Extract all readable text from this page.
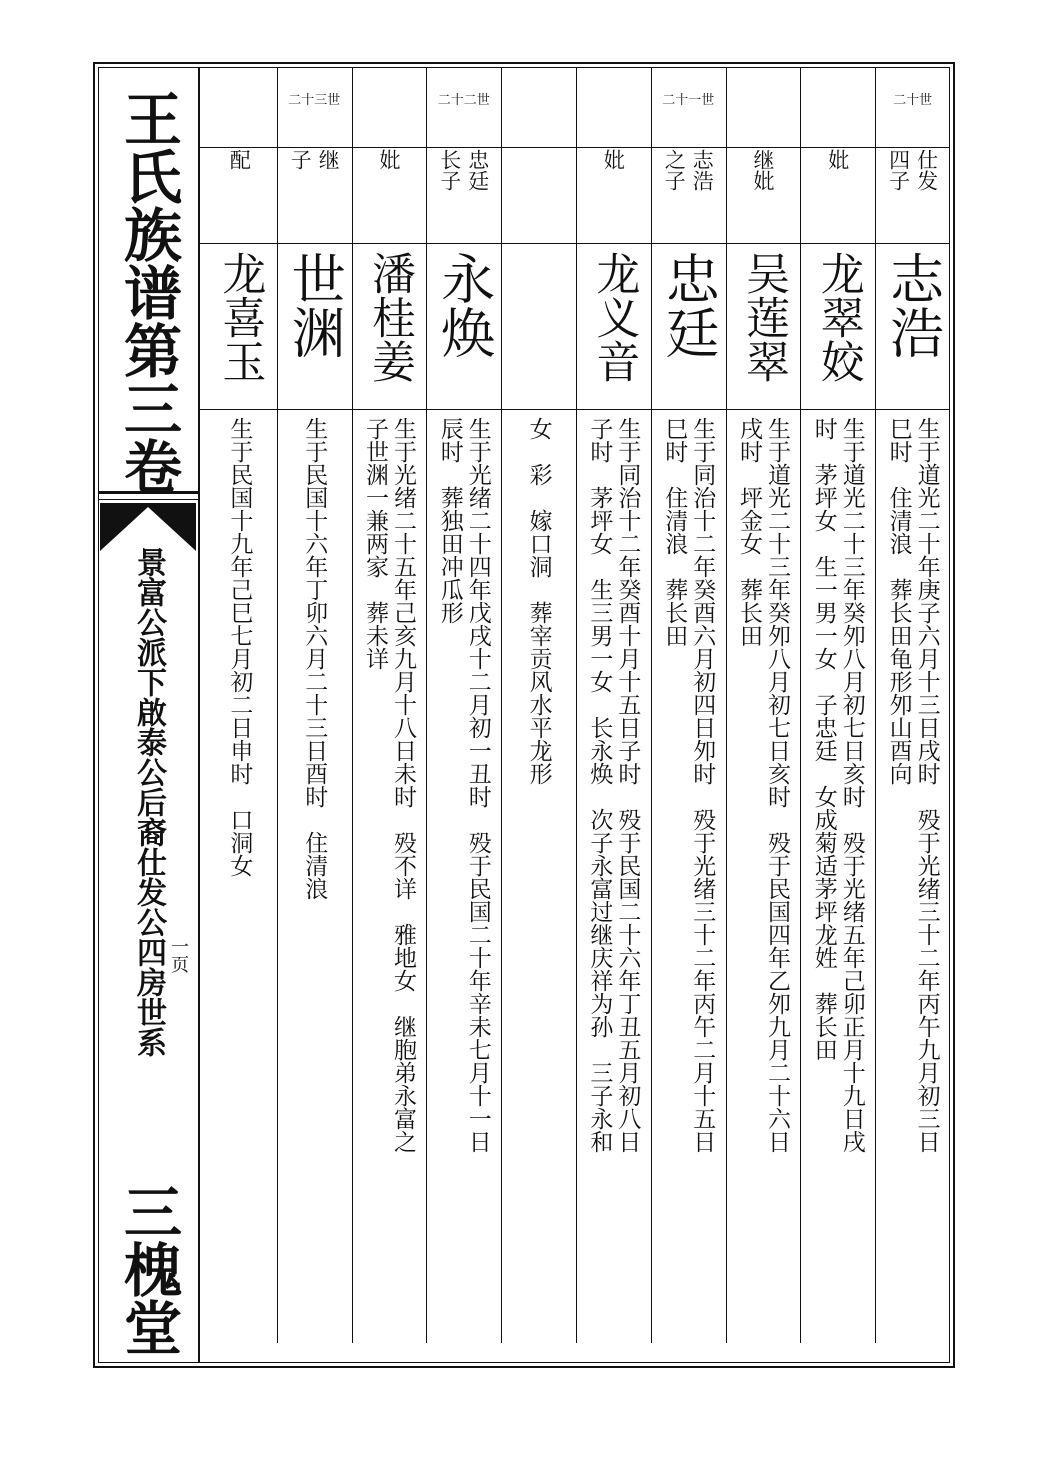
王氏族谱第三卷
景富公派下啟泰公后裔仕发公四房世系 一页
三槐堂
二十世
仕发
四子
志浩
生于道光二十年庚子六月十三日戌时　殁于光绪三十二年丙午九月初三日
巳时　住清浪　葬长田龟形夘山酉向
妣
龙翠姣
生于道光二十三年癸夘八月初七日亥时　殁于光绪五年己卯正月十九日戌
时　茅坪女　生一男一女　子忠廷　女成菊适茅坪龙姓　葬长田
继妣
吴莲翠
生于道光二十三年癸夘八月初七日亥时　殁于民国四年乙夘九月二十六日
戌时　坪金女　葬长田
二十一世
志浩
之子
忠廷
生于同治十二年癸酉六月初四日夘时　殁于光绪三十二年丙午二月十五日
巳时　住清浪　葬长田
妣
龙义音
生于同治十二年癸酉十月十五日子时　殁于民国二十六年丁丑五月初八日
子时　茅坪女　生三男一女　长永焕　次子永富过继庆祥为孙　三子永和
女　彩　嫁口洞　葬宰贡风水平龙形
二十二世
忠廷
长子
永焕
生于光绪二十四年戊戌十二月初一丑时　殁于民国二十年辛未七月十一日
辰时　葬独田冲瓜形
妣
潘桂姜
生于光绪二十五年己亥九月十八日未时　殁不详　雅地女　继胞弟永富之
子世渊一兼两家　葬未详
二十三世
继
子
世渊
生于民国十六年丁卯六月二十三日酉时　住清浪
配
龙喜玉
生于民国十九年己巳七月初二日申时　口洞女
